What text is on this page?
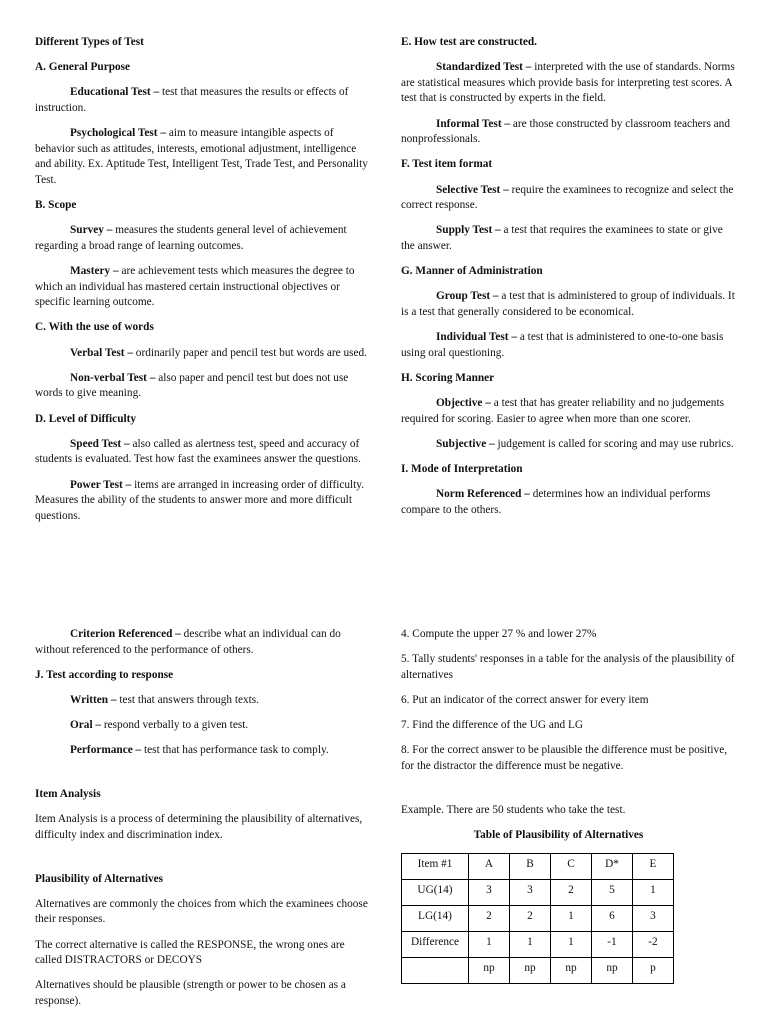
Different Types of Test

A. General Purpose

Educational Test – test that measures the results or effects of instruction.

Psychological Test – aim to measure intangible aspects of behavior such as attitudes, interests, emotional adjustment, intelligence and ability. Ex. Aptitude Test, Intelligent Test, Trade Test, and Personality Test.

B. Scope

Survey – measures the students general level of achievement regarding a broad range of learning outcomes.

Mastery – are achievement tests which measures the degree to which an individual has mastered certain instructional objectives or specific learning outcome.

C. With the use of words

Verbal Test – ordinarily paper and pencil test but words are used.

Non-verbal Test – also paper and pencil test but does not use words to give meaning.

D. Level of Difficulty

Speed Test – also called as alertness test, speed and accuracy of students is evaluated. Test how fast the examinees answer the questions.

Power Test – items are arranged in increasing order of difficulty. Measures the ability of the students to answer more and more difficult questions.

E. How test are constructed.

Standardized Test – interpreted with the use of standards. Norms are statistical measures which provide basis for interpreting test scores. A test that is constructed by experts in the field.

Informal Test – are those constructed by classroom teachers and nonprofessionals.

F. Test item format

Selective Test – require the examinees to recognize and select the correct response.

Supply Test – a test that requires the examinees to state or give the answer.

G. Manner of Administration

Group Test – a test that is administered to group of individuals. It is a test that generally considered to be economical.

Individual Test – a test that is administered to one-to-one basis using oral questioning.

H. Scoring Manner

Objective – a test that has greater reliability and no judgements required for scoring. Easier to agree when more than one scorer.

Subjective – judgement is called for scoring and may use rubrics.

I. Mode of Interpretation

Norm Referenced – determines how an individual performs compare to the others.

Criterion Referenced – describe what an individual can do without referenced to the performance of others.

J. Test according to response

Written – test that answers through texts.

Oral – respond verbally to a given test.

Performance – test that has performance task to comply.

Item Analysis

Item Analysis is a process of determining the plausibility of alternatives, difficulty index and discrimination index.

Plausibility of Alternatives

Alternatives are commonly the choices from which the examinees choose their responses.

The correct alternative is called the RESPONSE, the wrong ones are called DISTRACTORS or DECOYS

Alternatives should be plausible (strength or power to be chosen as a response).

4. Compute the upper 27 % and lower 27%

5. Tally students' responses in a table for the analysis of the plausibility of alternatives

6. Put an indicator of the correct answer for every item

7. Find the difference of the UG and LG

8. For the correct answer to be plausible the difference must be positive, for the distractor the difference must be negative.

Example. There are 50 students who take the test.

Table of Plausibility of Alternatives

Item #1	A	B	C	D*	E
UG(14)	3	3	2	5	1
LG(14)	2	2	1	6	3
Difference	1	1	1	-1	-2
	np	np	np	np	p
